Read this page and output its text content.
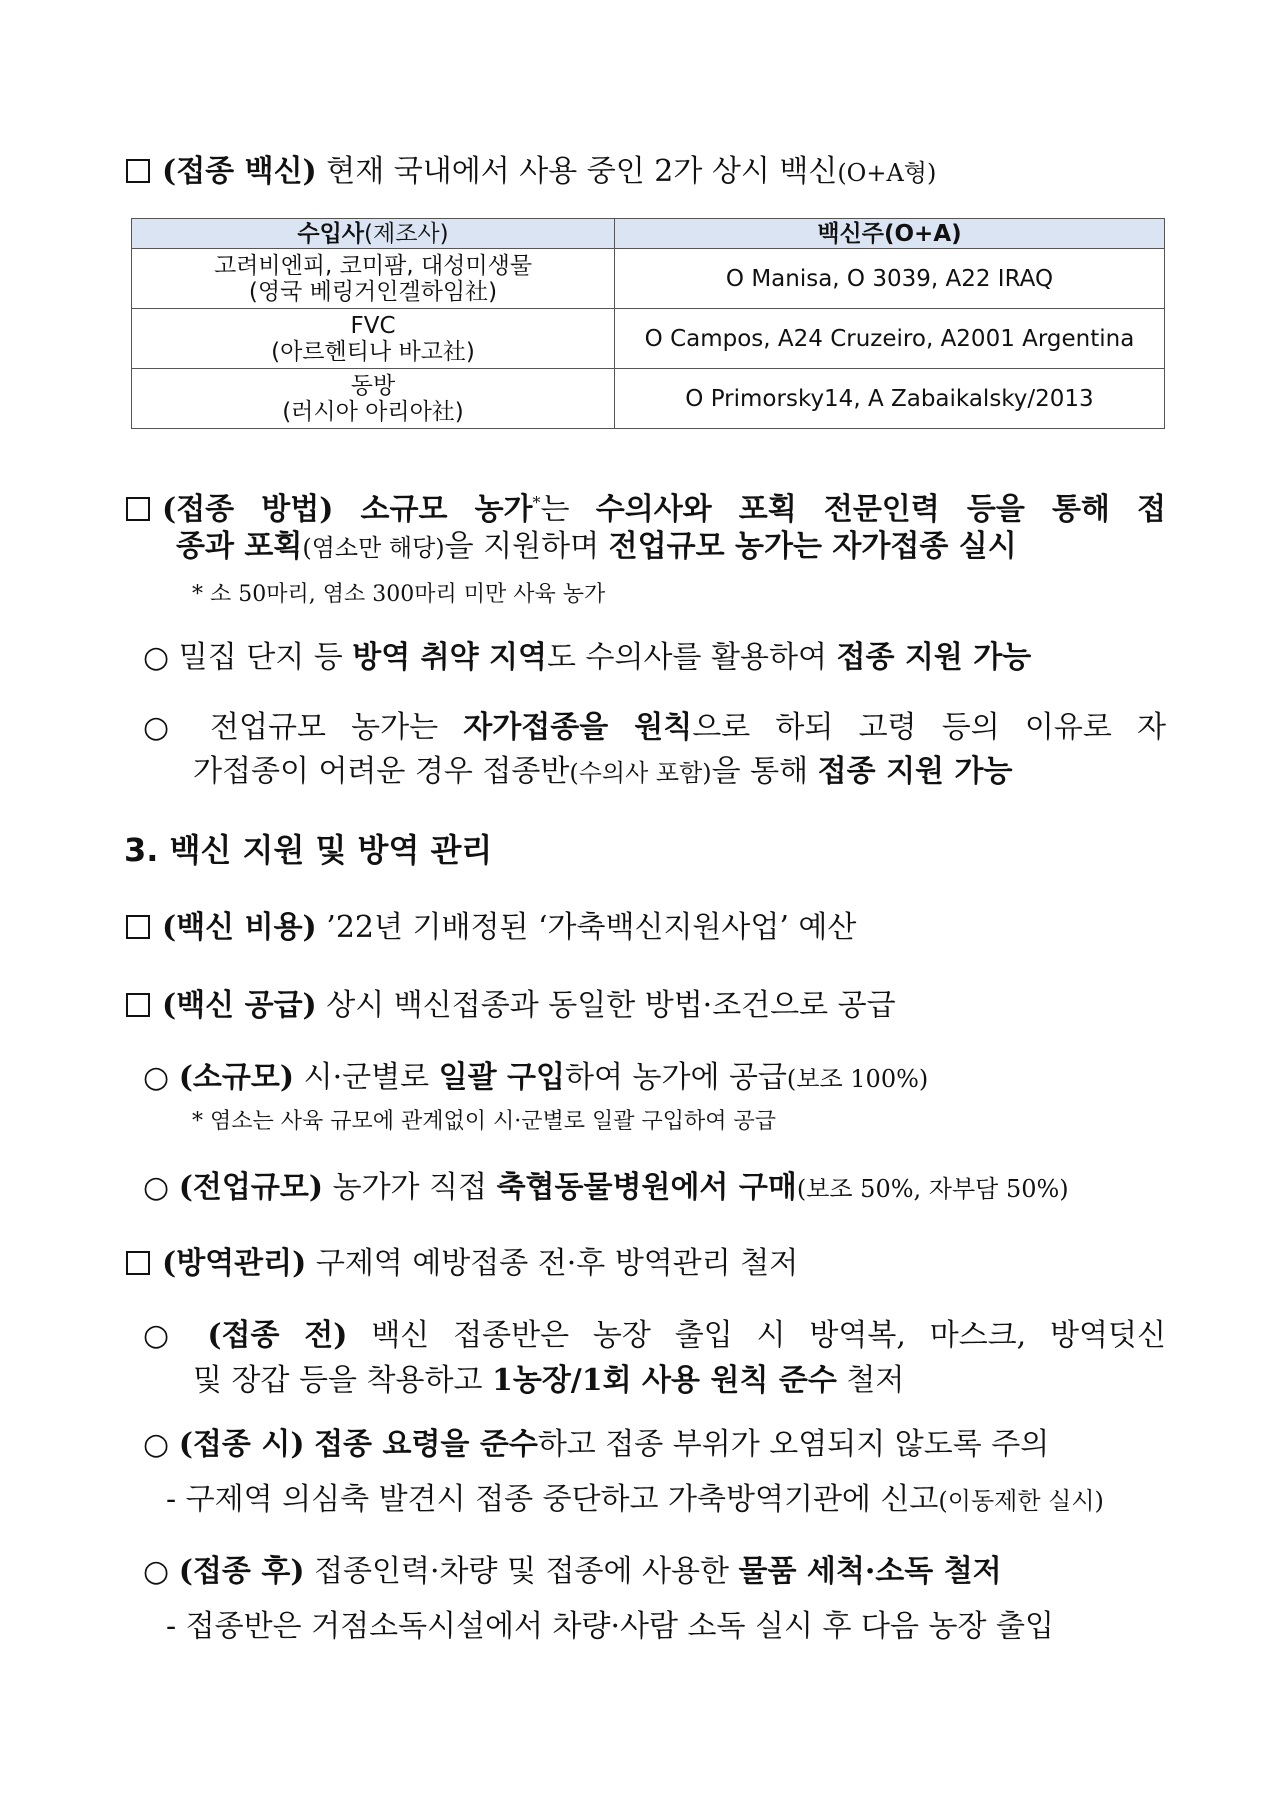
(접종 백신) 현재 국내에서 사용 중인 2가 상시 백신(O+A형)
수입사(제조사)	백신주(O+A)

고려비엔피, 코미팜, 대성미생물
(영국 베링거인겔하임社)	O Manisa, O 3039, A22 IRAQ

FVC
(아르헨티나 바고社)	O Campos, A24 Cruzeiro, A2001 Argentina

동방
(러시아 아리아社)	O Primorsky14, A Zabaikalsky/2013
(접종 방법) 소규모 농가*는 수의사와 포획 전문인력 등을 통해 접
종과 포획(염소만 해당)을 지원하며 전업규모 농가는 자가접종 실시
* 소 50마리, 염소 300마리 미만 사육 농가
○ 밀집 단지 등 방역 취약 지역도 수의사를 활용하여 접종 지원 가능
○ 전업규모 농가는 자가접종을 원칙으로 하되 고령 등의 이유로 자
가접종이 어려운 경우 접종반(수의사 포함)을 통해 접종 지원 가능
3. 백신 지원 및 방역 관리
(백신 비용) ’22년 기배정된 ‘가축백신지원사업’ 예산
(백신 공급) 상시 백신접종과 동일한 방법·조건으로 공급
○ (소규모) 시·군별로 일괄 구입하여 농가에 공급(보조 100%)
* 염소는 사육 규모에 관계없이 시·군별로 일괄 구입하여 공급
○ (전업규모) 농가가 직접 축협동물병원에서 구매(보조 50%, 자부담 50%)
(방역관리) 구제역 예방접종 전·후 방역관리 철저
○ (접종 전) 백신 접종반은 농장 출입 시 방역복, 마스크, 방역덧신
및 장갑 등을 착용하고 1농장/1회 사용 원칙 준수 철저
○ (접종 시) 접종 요령을 준수하고 접종 부위가 오염되지 않도록 주의
- 구제역 의심축 발견시 접종 중단하고 가축방역기관에 신고(이동제한 실시)
○ (접종 후) 접종인력·차량 및 접종에 사용한 물품 세척·소독 철저
- 접종반은 거점소독시설에서 차량·사람 소독 실시 후 다음 농장 출입
